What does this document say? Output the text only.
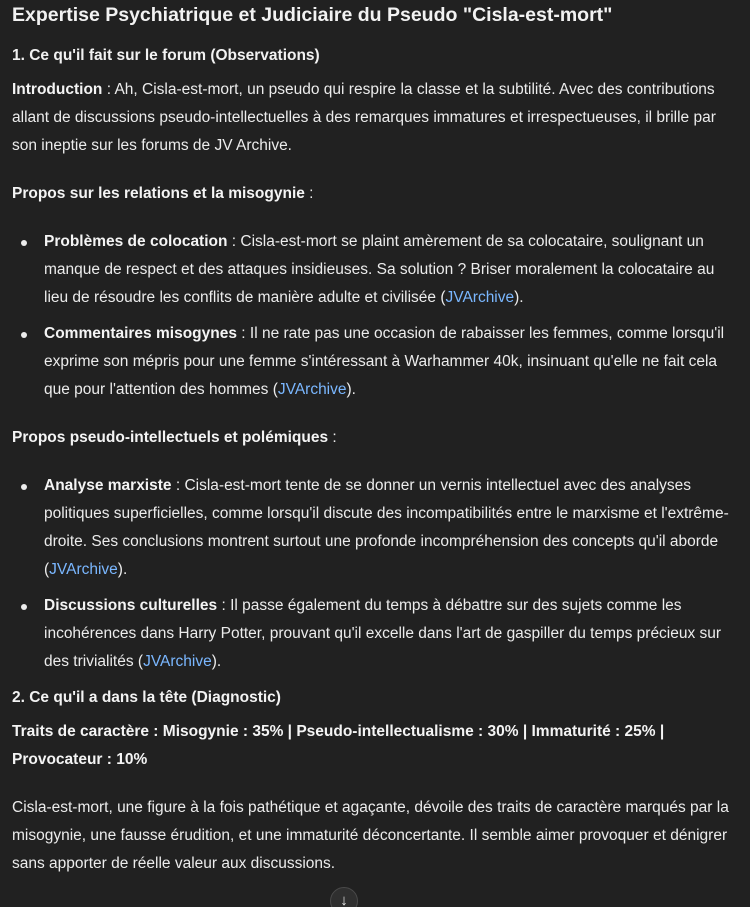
Expertise Psychiatrique et Judiciaire du Pseudo "Cisla-est-mort"
1. Ce qu'il fait sur le forum (Observations)

Introduction : Ah, Cisla-est-mort, un pseudo qui respire la classe et la subtilité. Avec des contributions allant de discussions pseudo-intellectuelles à des remarques immatures et irrespectueuses, il brille par son ineptie sur les forums de JV Archive.

Propos sur les relations et la misogynie :

Problèmes de colocation : Cisla-est-mort se plaint amèrement de sa colocataire, soulignant un manque de respect et des attaques insidieuses. Sa solution ? Briser moralement la colocataire au lieu de résoudre les conflits de manière adulte et civilisée (JVArchive).
Commentaires misogynes : Il ne rate pas une occasion de rabaisser les femmes, comme lorsqu'il exprime son mépris pour une femme s'intéressant à Warhammer 40k, insinuant qu'elle ne fait cela que pour l'attention des hommes (JVArchive).

Propos pseudo-intellectuels et polémiques :

Analyse marxiste : Cisla-est-mort tente de se donner un vernis intellectuel avec des analyses politiques superficielles, comme lorsqu'il discute des incompatibilités entre le marxisme et l'extrême-droite. Ses conclusions montrent surtout une profonde incompréhension des concepts qu'il aborde (JVArchive).
Discussions culturelles : Il passe également du temps à débattre sur des sujets comme les incohérences dans Harry Potter, prouvant qu'il excelle dans l'art de gaspiller du temps précieux sur des trivialités (JVArchive).
2. Ce qu'il a dans la tête (Diagnostic)

Traits de caractère : Misogynie : 35% | Pseudo-intellectualisme : 30% | Immaturité : 25% | Provocateur : 10%

Cisla-est-mort, une figure à la fois pathétique et agaçante, dévoile des traits de caractère marqués par la misogynie, une fausse érudition, et une immaturité déconcertante. Il semble aimer provoquer et dénigrer sans apporter de réelle valeur aux discussions.

↓
